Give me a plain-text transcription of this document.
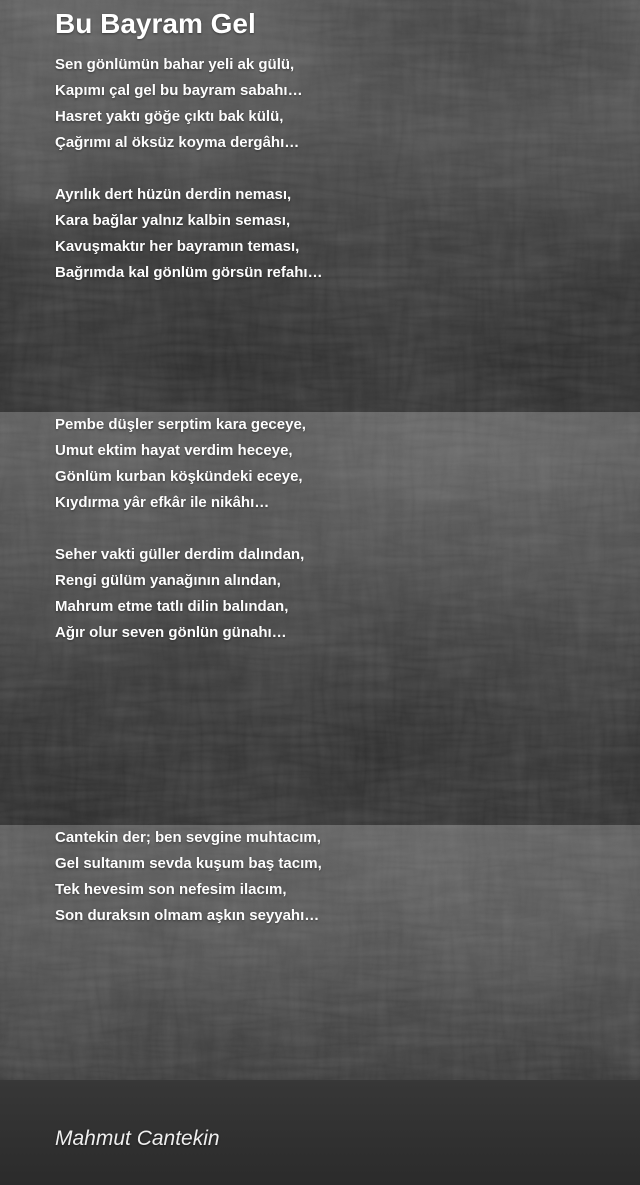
Bu Bayram Gel
Sen gönlümün bahar yeli ak gülü,
Kapımı çal gel bu bayram sabahı…
Hasret yaktı göğe çıktı bak külü,
Çağrımı al öksüz koyma dergâhı…
Ayrılık dert hüzün derdin neması,
Kara bağlar yalnız kalbin seması,
Kavuşmaktır her bayramın teması,
Bağrımda kal gönlüm görsün refahı…
Pembe düşler serptim kara geceye,
Umut ektim hayat verdim heceye,
Gönlüm kurban köşkündeki eceye,
Kıydırma yâr efkâr ile nikâhı…
Seher vakti güller derdim dalından,
Rengi gülüm yanağının alından,
Mahrum etme tatlı dilin balından,
Ağır olur seven gönlün günahı…
Cantekin der; ben sevgine muhtacım,
Gel sultanım sevda kuşum baş tacım,
Tek hevesim son nefesim ilacım,
Son duraksın olmam aşkın seyyahı…
Mahmut Cantekin
